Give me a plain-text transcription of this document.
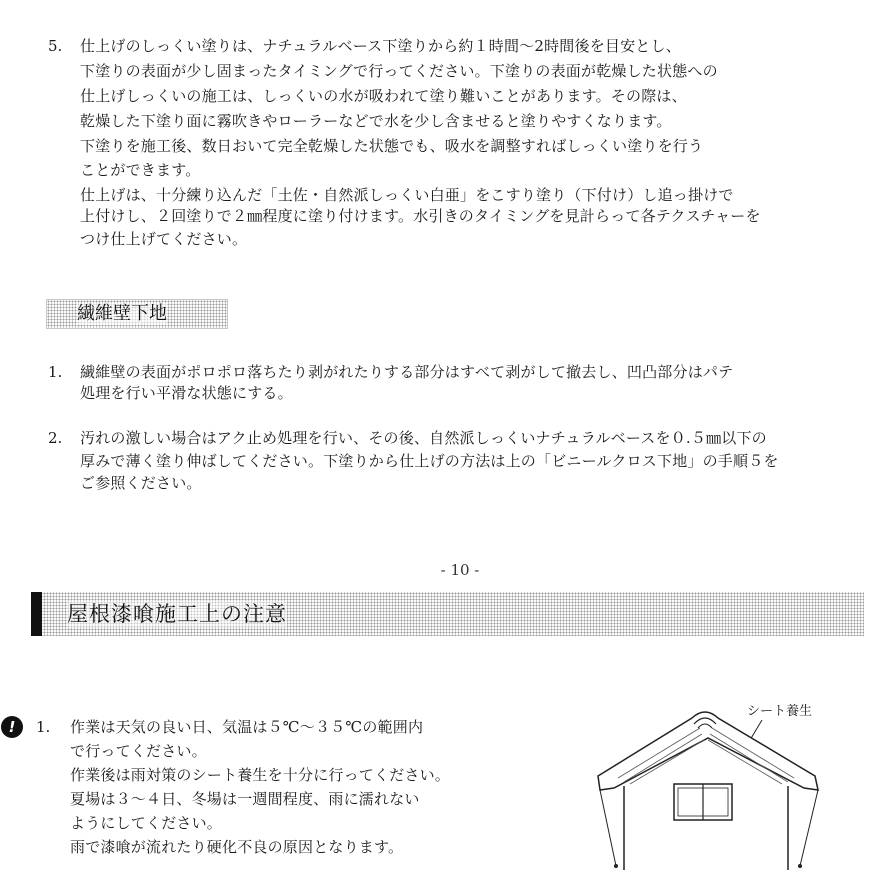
5. 仕上げのしっくい塗りは、ナチュラルベース下塗りから約１時間〜2時間後を目安とし、
下塗りの表面が少し固まったタイミングで行ってください。下塗りの表面が乾燥した状態への
仕上げしっくいの施工は、しっくいの水が吸われて塗り難いことがあります。その際は、
乾燥した下塗り面に霧吹きやローラーなどで水を少し含ませると塗りやすくなります。
下塗りを施工後、数日おいて完全乾燥した状態でも、吸水を調整すればしっくい塗りを行う
ことができます。
仕上げは、十分練り込んだ「土佐・自然派しっくい白亜」をこすり塗り（下付け）し追っ掛けで
上付けし、２回塗りで２㎜程度に塗り付けます。水引きのタイミングを見計らって各テクスチャーを
つけ仕上げてください。
繊維壁下地
1. 繊維壁の表面がポロポロ落ちたり剥がれたりする部分はすべて剥がして撤去し、凹凸部分はパテ
処理を行い平滑な状態にする。
2. 汚れの激しい場合はアク止め処理を行い、その後、自然派しっくいナチュラルベースを０.５㎜以下の
厚みで薄く塗り伸ばしてください。下塗りから仕上げの方法は上の「ビニールクロス下地」の手順５を
ご参照ください。
- 10 -
屋根漆喰施工上の注意
!	1. 作業は天気の良い日、気温は５℃〜３５℃の範囲内
で行ってください。
作業後は雨対策のシート養生を十分に行ってください。
夏場は３〜４日、冬場は一週間程度、雨に濡れない
ようにしてください。
雨で漆喰が流れたり硬化不良の原因となります。
シート養生
